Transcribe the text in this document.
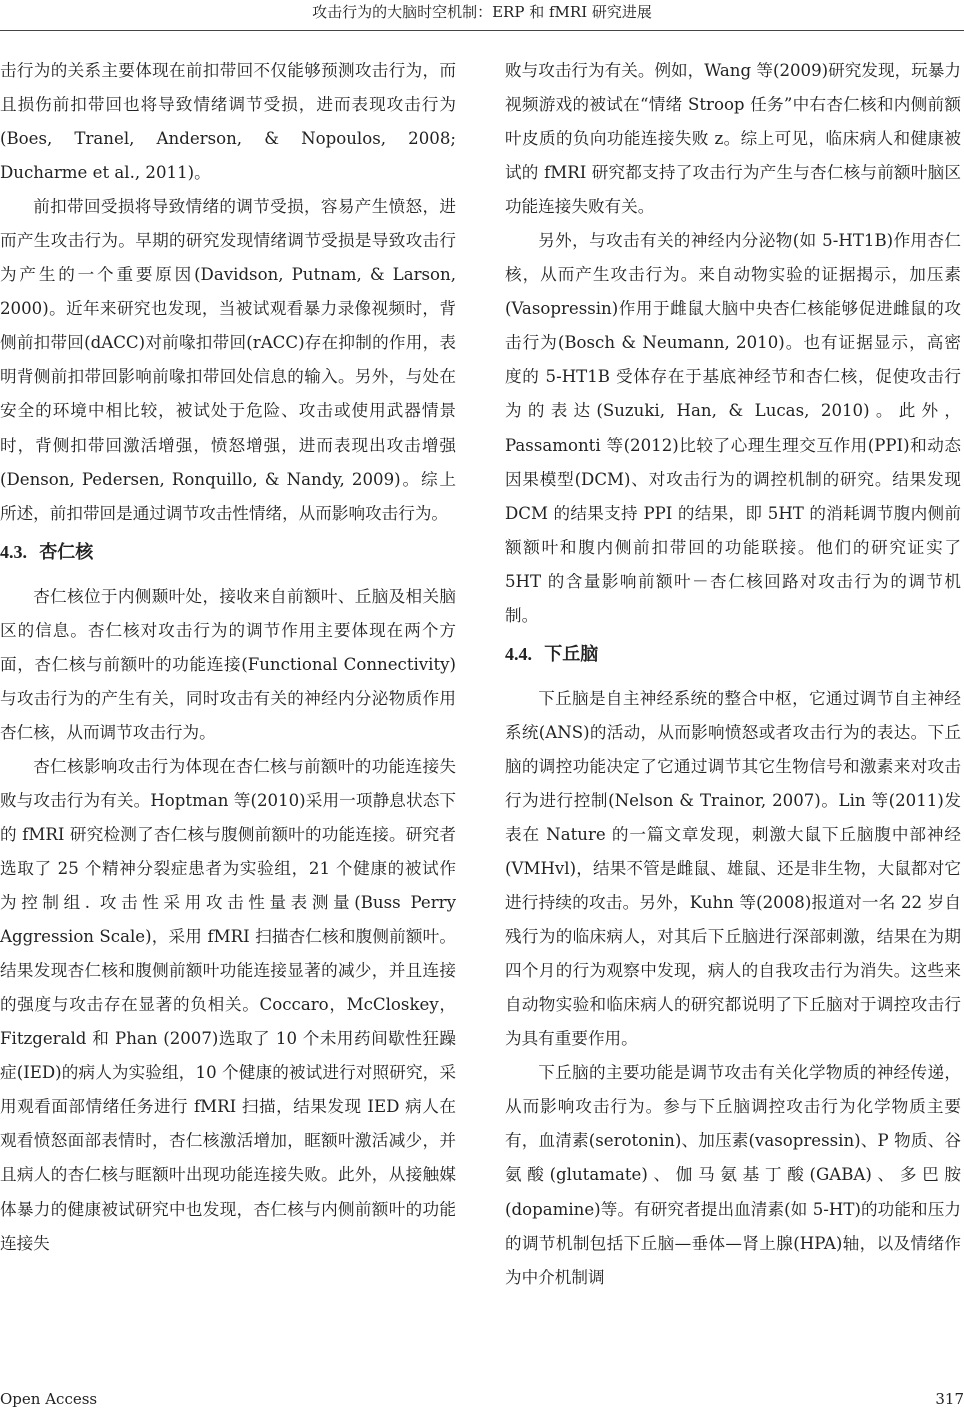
攻击行为的大脑时空机制：ERP 和 fMRI 研究进展

击行为的关系主要体现在前扣带回不仅能够预测攻击行为，而且损伤前扣带回也将导致情绪调节受损，进而表现攻击行为(Boes, Tranel, Anderson, & Nopoulos, 2008; Ducharme et al., 2011)。

前扣带回受损将导致情绪的调节受损，容易产生愤怒，进而产生攻击行为。早期的研究发现情绪调节受损是导致攻击行为产生的一个重要原因(Davidson, Putnam, & Larson, 2000)。近年来研究也发现，当被试观看暴力录像视频时，背侧前扣带回(dACC)对前喙扣带回(rACC)存在抑制的作用，表明背侧前扣带回影响前喙扣带回处信息的输入。另外，与处在安全的环境中相比较，被试处于危险、攻击或使用武器情景时，背侧扣带回激活增强，愤怒增强，进而表现出攻击增强(Denson, Pedersen, Ronquillo, & Nandy, 2009)。综上所述，前扣带回是通过调节攻击性情绪，从而影响攻击行为。

4.3. 杏仁核

杏仁核位于内侧颞叶处，接收来自前额叶、丘脑及相关脑区的信息。杏仁核对攻击行为的调节作用主要体现在两个方面，杏仁核与前额叶的功能连接(Functional Connectivity)与攻击行为的产生有关，同时攻击有关的神经内分泌物质作用杏仁核，从而调节攻击行为。

杏仁核影响攻击行为体现在杏仁核与前额叶的功能连接失败与攻击行为有关。Hoptman 等(2010)采用一项静息状态下的 fMRI 研究检测了杏仁核与腹侧前额叶的功能连接。研究者选取了 25 个精神分裂症患者为实验组，21 个健康的被试作为控制组. 攻击性采用攻击性量表测量(Buss Perry Aggression Scale)，采用 fMRI 扫描杏仁核和腹侧前额叶。结果发现杏仁核和腹侧前额叶功能连接显著的减少，并且连接的强度与攻击存在显著的负相关。Coccaro，McCloskey，Fitzgerald 和 Phan (2007)选取了 10 个未用药间歇性狂躁症(IED)的病人为实验组，10 个健康的被试进行对照研究，采用观看面部情绪任务进行 fMRI 扫描，结果发现 IED 病人在观看愤怒面部表情时，杏仁核激活增加，眶额叶激活减少，并且病人的杏仁核与眶额叶出现功能连接失败。此外，从接触媒体暴力的健康被试研究中也发现，杏仁核与内侧前额叶的功能连接失

败与攻击行为有关。例如，Wang 等(2009)研究发现，玩暴力视频游戏的被试在“情绪 Stroop 任务”中右杏仁核和内侧前额叶皮质的负向功能连接失败 z。综上可见，临床病人和健康被试的 fMRI 研究都支持了攻击行为产生与杏仁核与前额叶脑区功能连接失败有关。

另外，与攻击有关的神经内分泌物(如 5-HT1B)作用杏仁核，从而产生攻击行为。来自动物实验的证据揭示，加压素(Vasopressin)作用于雌鼠大脑中央杏仁核能够促进雌鼠的攻击行为(Bosch & Neumann, 2010)。也有证据显示，高密度的 5-HT1B 受体存在于基底神经节和杏仁核，促使攻击行为的表达(Suzuki, Han, & Lucas, 2010)。此外，Passamonti 等(2012)比较了心理生理交互作用(PPI)和动态因果模型(DCM)、对攻击行为的调控机制的研究。结果发现 DCM 的结果支持 PPI 的结果，即 5HT 的消耗调节腹内侧前额额叶和腹内侧前扣带回的功能联接。他们的研究证实了 5HT 的含量影响前额叶－杏仁核回路对攻击行为的调节机制。

4.4. 下丘脑

下丘脑是自主神经系统的整合中枢，它通过调节自主神经系统(ANS)的活动，从而影响愤怒或者攻击行为的表达。下丘脑的调控功能决定了它通过调节其它生物信号和激素来对攻击行为进行控制(Nelson & Trainor, 2007)。Lin 等(2011)发表在 Nature 的一篇文章发现，刺激大鼠下丘脑腹中部神经(VMHvl)，结果不管是雌鼠、雄鼠、还是非生物，大鼠都对它进行持续的攻击。另外，Kuhn 等(2008)报道对一名 22 岁自残行为的临床病人，对其后下丘脑进行深部刺激，结果在为期四个月的行为观察中发现，病人的自我攻击行为消失。这些来自动物实验和临床病人的研究都说明了下丘脑对于调控攻击行为具有重要作用。

下丘脑的主要功能是调节攻击有关化学物质的神经传递，从而影响攻击行为。参与下丘脑调控攻击行为化学物质主要有，血清素(serotonin)、加压素(vasopressin)、P 物质、谷氨酸(glutamate)、伽马氨基丁酸(GABA)、多巴胺(dopamine)等。有研究者提出血清素(如 5-HT)的功能和压力的调节机制包括下丘脑—垂体—肾上腺(HPA)轴，以及情绪作为中介机制调

Open Access	317
